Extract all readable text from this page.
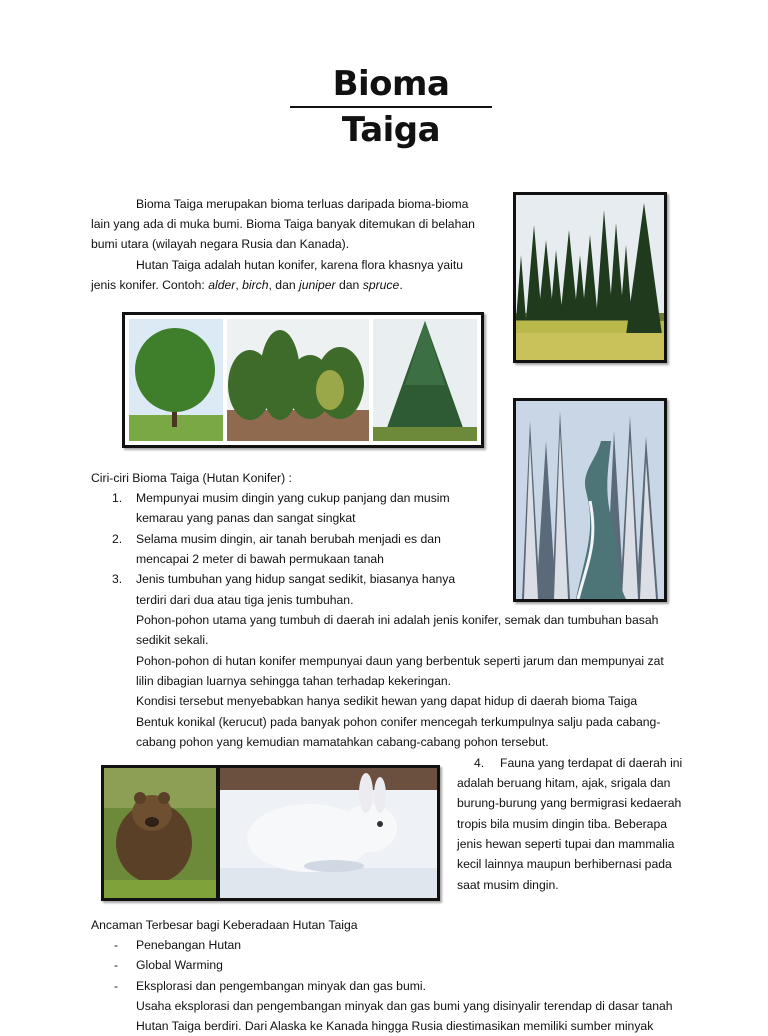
Bioma
Taiga

Bioma Taiga merupakan bioma terluas daripada bioma-bioma

lain yang ada di muka bumi. Bioma Taiga banyak ditemukan di belahan

bumi utara (wilayah negara Rusia dan Kanada).

Hutan Taiga adalah hutan konifer, karena flora khasnya yaitu

jenis konifer. Contoh: alder, birch, dan juniper dan spruce.

Ciri-ciri Bioma Taiga (Hutan Konifer) :

1. Mempunyai musim dingin yang cukup panjang dan musim

kemarau yang panas dan sangat singkat

2. Selama musim dingin, air tanah berubah menjadi es dan

mencapai 2 meter di bawah permukaan tanah

3. Jenis tumbuhan yang hidup sangat sedikit, biasanya hanya

terdiri dari dua atau tiga jenis tumbuhan.

Pohon-pohon utama yang tumbuh di daerah ini adalah jenis konifer, semak dan tumbuhan basah

sedikit sekali.

Pohon-pohon di hutan konifer mempunyai daun yang berbentuk seperti jarum dan mempunyai zat

lilin dibagian luarnya sehingga tahan terhadap kekeringan.

Kondisi tersebut menyebabkan hanya sedikit hewan yang dapat hidup di daerah bioma Taiga

Bentuk konikal (kerucut) pada banyak pohon conifer mencegah terkumpulnya salju pada cabang-

cabang pohon yang kemudian mamatahkan cabang-cabang pohon tersebut.

4. Fauna yang terdapat di daerah ini

adalah beruang hitam, ajak, srigala dan

burung-burung yang bermigrasi kedaerah

tropis bila musim dingin tiba. Beberapa

jenis hewan seperti tupai dan mammalia

kecil lainnya maupun berhibernasi pada

saat musim dingin.

Ancaman Terbesar bagi Keberadaan Hutan Taiga

- Penebangan Hutan

- Global Warming

- Eksplorasi dan pengembangan minyak dan gas bumi.

Usaha eksplorasi dan pengembangan minyak dan gas bumi yang disinyalir terendap di dasar tanah

Hutan Taiga berdiri. Dari Alaska ke Kanada hingga Rusia diestimasikan memiliki sumber minyak
